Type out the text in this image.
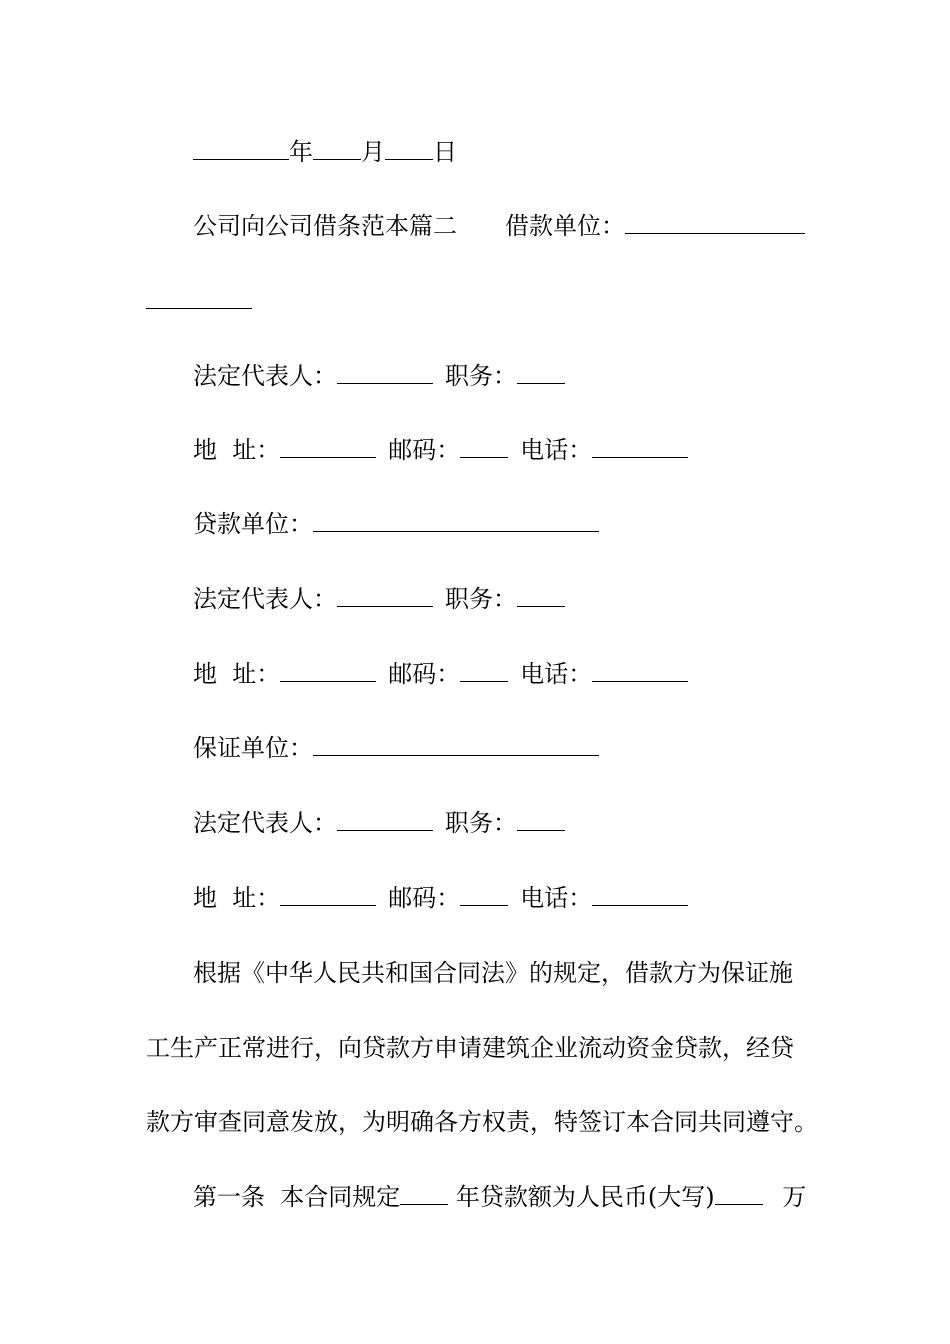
年 月 日

公司向公司借条范本篇二 借款单位：

法定代表人：	职务：

地  址：	邮码：	电话：

贷款单位：

法定代表人：	职务：

地  址：	邮码：	电话：

保证单位：

法定代表人：	职务：

地  址：	邮码：	电话：

根据《中华人民共和国合同法》的规定，借款方为保证施

工生产正常进行，向贷款方申请建筑企业流动资金贷款，经贷

款方审查同意发放，为明确各方权责，特签订本合同共同遵守。

第一条  本合同规定 年贷款额为人民币(大写)	万
